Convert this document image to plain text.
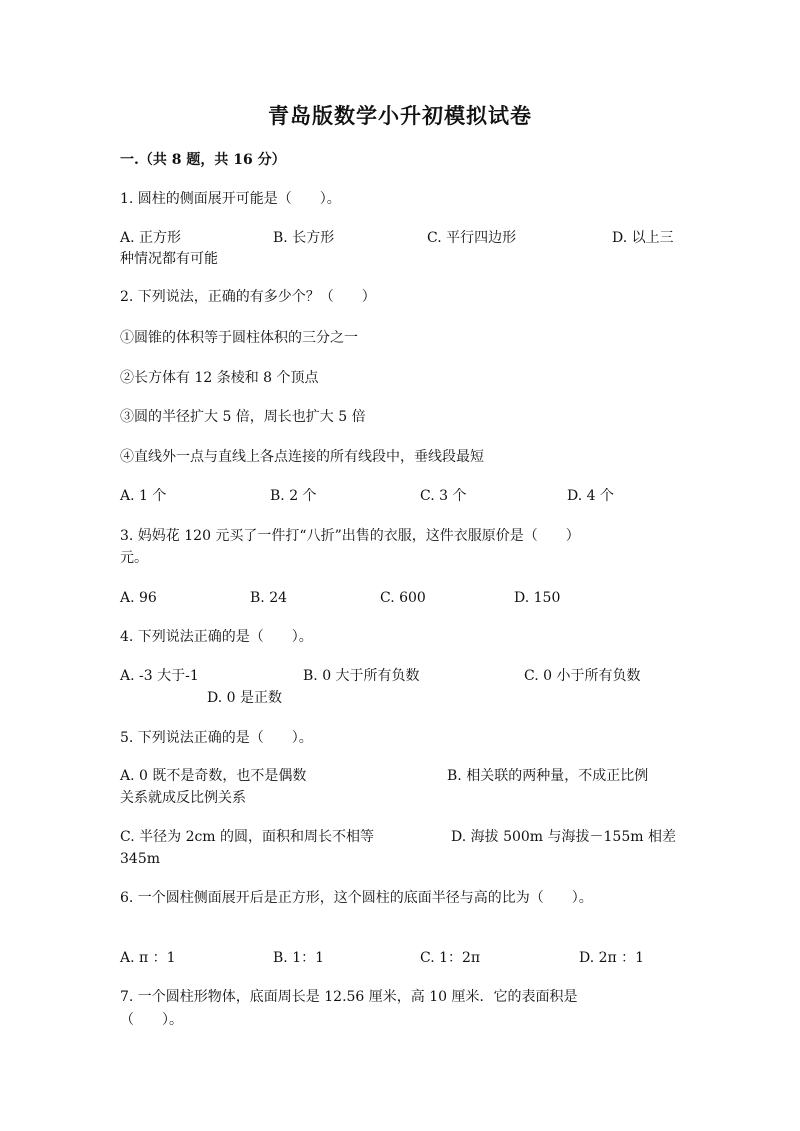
青岛版数学小升初模拟试卷
一.（共 8 题，共 16 分）
1. 圆柱的侧面展开可能是（　　）。
A. 正方形	B. 长方形	C. 平行四边形	D. 以上三
种情况都有可能
2. 下列说法，正确的有多少个？（　　）
①圆锥的体积等于圆柱体积的三分之一
②长方体有 12 条棱和 8 个顶点
③圆的半径扩大 5 倍，周长也扩大 5 倍
④直线外一点与直线上各点连接的所有线段中，垂线段最短
A. 1 个	B. 2 个	C. 3 个	D. 4 个
3. 妈妈花 120 元买了一件打“八折”出售的衣服，这件衣服原价是（　　）
元。
A. 96	B. 24	C. 600	D. 150
4. 下列说法正确的是（　　）。
A. -3 大于-1	B. 0 大于所有负数	C. 0 小于所有负数
D. 0 是正数
5. 下列说法正确的是（　　）。
A. 0 既不是奇数，也不是偶数	B. 相关联的两种量，不成正比例
关系就成反比例关系
C. 半径为 2cm 的圆，面积和周长不相等	D. 海拔 500m 与海拔－155m 相差
345m
6. 一个圆柱侧面展开后是正方形，这个圆柱的底面半径与高的比为（　　）。
A. π ：1	B. 1：1	C. 1：2π	D. 2π ：1
7. 一个圆柱形物体，底面周长是 12.56 厘米，高 10 厘米．它的表面积是
（　　）。
